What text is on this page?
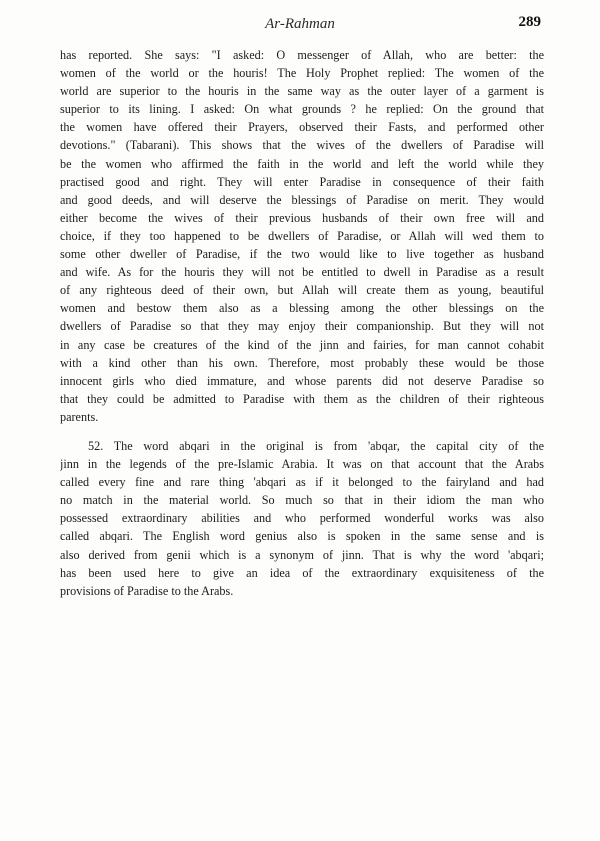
Ar-Rahman	289

has reported. She says: "I asked: O messenger of Allah, who are better: the
women of the world or the houris! The Holy Prophet replied: The women of the
world are superior to the houris in the same way as the outer layer of a garment is
superior to its lining. I asked: On what grounds ? he replied: On the ground that
the women have offered their Prayers, observed their Fasts, and performed other
devotions." (Tabarani). This shows that the wives of the dwellers of Paradise will
be the women who affirmed the faith in the world and left the world while they
practised good and right. They will enter Paradise in consequence of their faith
and good deeds, and will deserve the blessings of Paradise on merit. They would
either become the wives of their previous husbands of their own free will and
choice, if they too happened to be dwellers of Paradise, or Allah will wed them to
some other dweller of Paradise, if the two would like to live together as husband
and wife. As for the houris they will not be entitled to dwell in Paradise as a result
of any righteous deed of their own, but Allah will create them as young, beautiful
women and bestow them also as a blessing among the other blessings on the
dwellers of Paradise so that they may enjoy their companionship. But they will not
in any case be creatures of the kind of the jinn and fairies, for man cannot cohabit
with a kind other than his own. Therefore, most probably these would be those
innocent girls who died immature, and whose parents did not deserve Paradise so
that they could be admitted to Paradise with them as the children of their righteous
parents.

52. The word abqari in the original is from 'abqar, the capital city of the
jinn in the legends of the pre-Islamic Arabia. It was on that account that the Arabs
called every fine and rare thing 'abqari as if it belonged to the fairyland and had
no match in the material world. So much so that in their idiom the man who
possessed extraordinary abilities and who performed wonderful works was also
called abqari. The English word genius also is spoken in the same sense and is
also derived from genii which is a synonym of jinn. That is why the word 'abqari;
has been used here to give an idea of the extraordinary exquisiteness of the
provisions of Paradise to the Arabs.
